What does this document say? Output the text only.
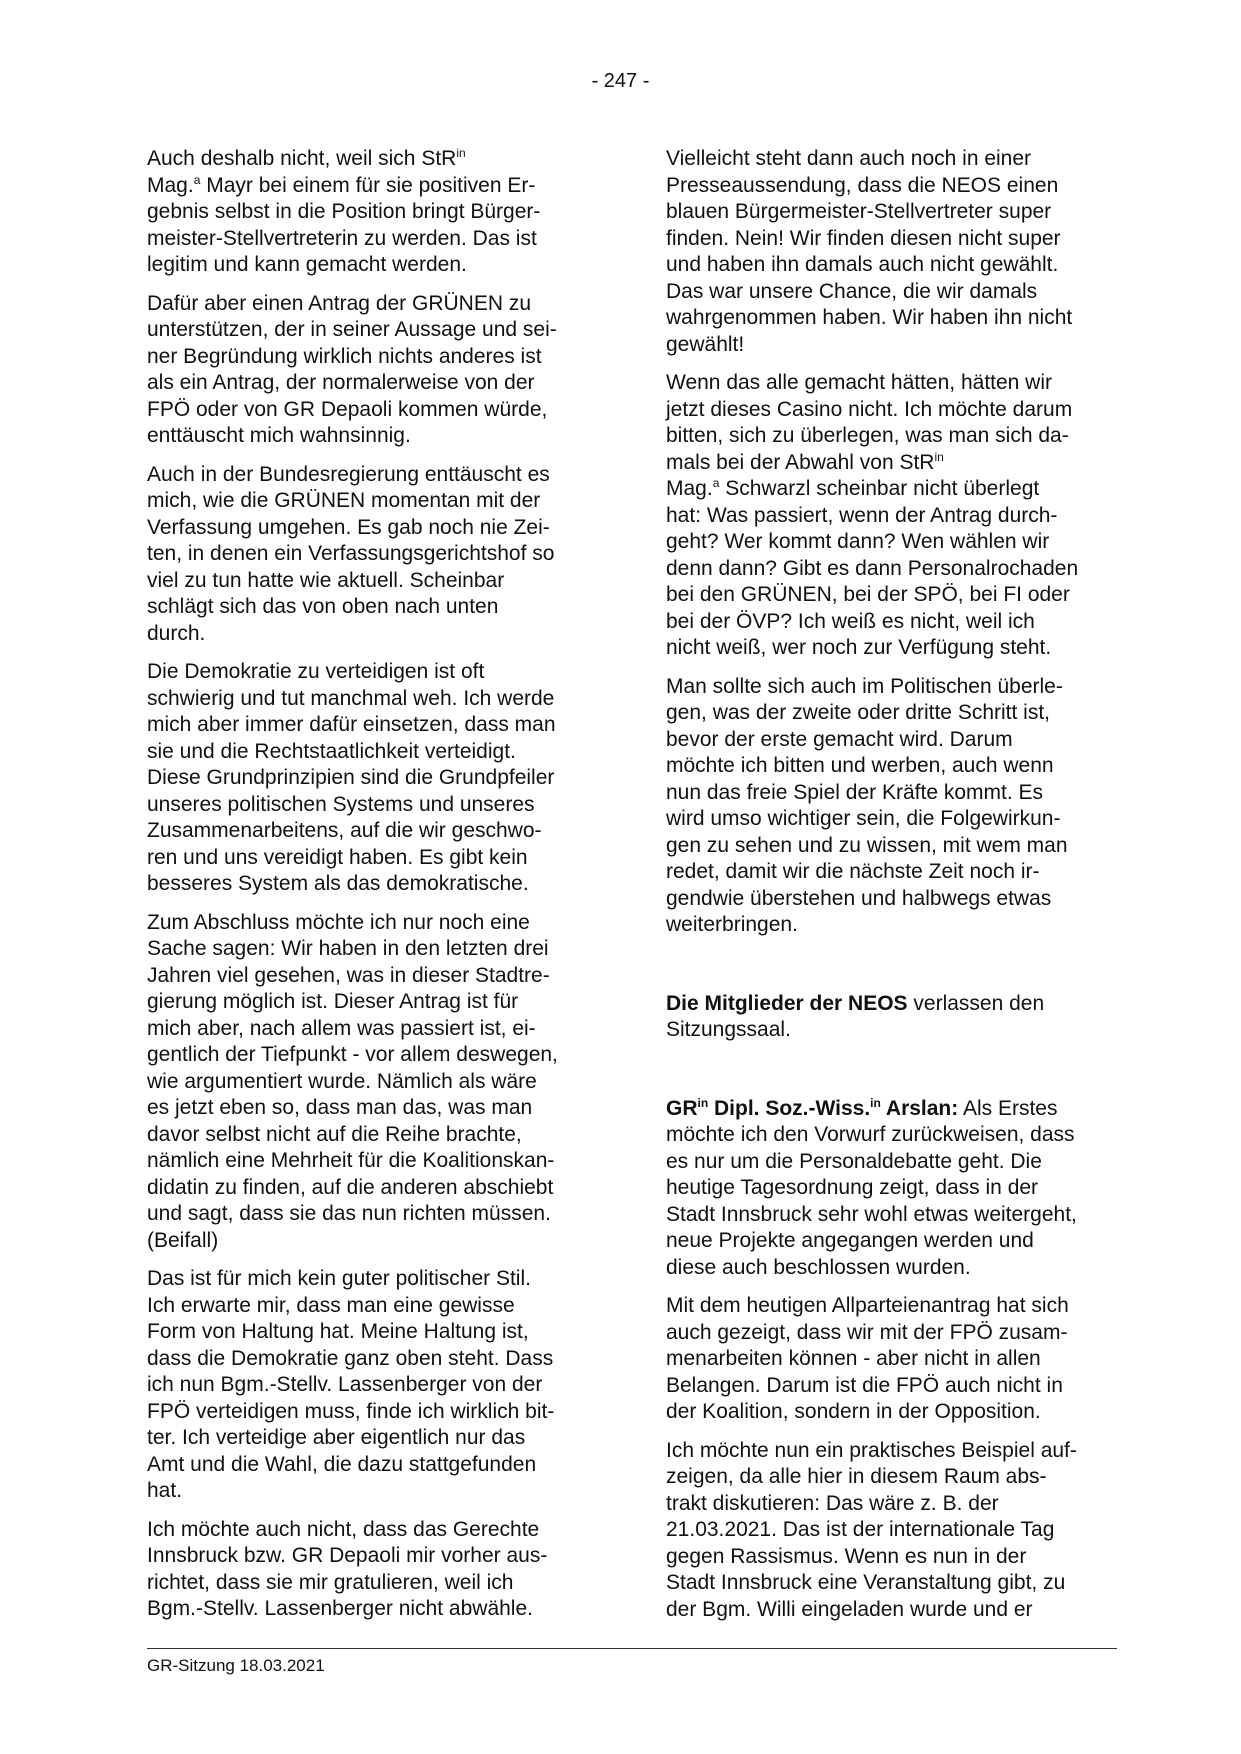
- 247 -

Auch deshalb nicht, weil sich StR$^{in}$
Mag.$^a$ Mayr bei einem für sie positiven Er-
gebnis selbst in die Position bringt Bürger-
meister-Stellvertreterin zu werden. Das ist
legitim und kann gemacht werden.

Dafür aber einen Antrag der GRÜNEN zu
unterstützen, der in seiner Aussage und sei-
ner Begründung wirklich nichts anderes ist
als ein Antrag, der normalerweise von der
FPÖ oder von GR Depaoli kommen würde,
enttäuscht mich wahnsinnig.

Auch in der Bundesregierung enttäuscht es
mich, wie die GRÜNEN momentan mit der
Verfassung umgehen. Es gab noch nie Zei-
ten, in denen ein Verfassungsgerichtshof so
viel zu tun hatte wie aktuell. Scheinbar
schlägt sich das von oben nach unten
durch.

Die Demokratie zu verteidigen ist oft
schwierig und tut manchmal weh. Ich werde
mich aber immer dafür einsetzen, dass man
sie und die Rechtstaatlichkeit verteidigt.
Diese Grundprinzipien sind die Grundpfeiler
unseres politischen Systems und unseres
Zusammenarbeitens, auf die wir geschwo-
ren und uns vereidigt haben. Es gibt kein
besseres System als das demokratische.

Zum Abschluss möchte ich nur noch eine
Sache sagen: Wir haben in den letzten drei
Jahren viel gesehen, was in dieser Stadtre-
gierung möglich ist. Dieser Antrag ist für
mich aber, nach allem was passiert ist, ei-
gentlich der Tiefpunkt - vor allem deswegen,
wie argumentiert wurde. Nämlich als wäre
es jetzt eben so, dass man das, was man
davor selbst nicht auf die Reihe brachte,
nämlich eine Mehrheit für die Koalitionskan-
didatin zu finden, auf die anderen abschiebt
und sagt, dass sie das nun richten müssen.
(Beifall)

Das ist für mich kein guter politischer Stil.
Ich erwarte mir, dass man eine gewisse
Form von Haltung hat. Meine Haltung ist,
dass die Demokratie ganz oben steht. Dass
ich nun Bgm.-Stellv. Lassenberger von der
FPÖ verteidigen muss, finde ich wirklich bit-
ter. Ich verteidige aber eigentlich nur das
Amt und die Wahl, die dazu stattgefunden
hat.

Ich möchte auch nicht, dass das Gerechte
Innsbruck bzw. GR Depaoli mir vorher aus-
richtet, dass sie mir gratulieren, weil ich
Bgm.-Stellv. Lassenberger nicht abwähle.

Vielleicht steht dann auch noch in einer
Presseaussendung, dass die NEOS einen
blauen Bürgermeister-Stellvertreter super
finden. Nein! Wir finden diesen nicht super
und haben ihn damals auch nicht gewählt.
Das war unsere Chance, die wir damals
wahrgenommen haben. Wir haben ihn nicht
gewählt!

Wenn das alle gemacht hätten, hätten wir
jetzt dieses Casino nicht. Ich möchte darum
bitten, sich zu überlegen, was man sich da-
mals bei der Abwahl von StR$^{in}$
Mag.$^a$ Schwarzl scheinbar nicht überlegt
hat: Was passiert, wenn der Antrag durch-
geht? Wer kommt dann? Wen wählen wir
denn dann? Gibt es dann Personalrochaden
bei den GRÜNEN, bei der SPÖ, bei FI oder
bei der ÖVP? Ich weiß es nicht, weil ich
nicht weiß, wer noch zur Verfügung steht.

Man sollte sich auch im Politischen überle-
gen, was der zweite oder dritte Schritt ist,
bevor der erste gemacht wird. Darum
möchte ich bitten und werben, auch wenn
nun das freie Spiel der Kräfte kommt. Es
wird umso wichtiger sein, die Folgewirkun-
gen zu sehen und zu wissen, mit wem man
redet, damit wir die nächste Zeit noch ir-
gendwie überstehen und halbwegs etwas
weiterbringen.

Die Mitglieder der NEOS verlassen den
Sitzungssaal.

$GR^{in}$ Dipl. Soz.-Wiss.$^{in}$ Arslan: Als Erstes
möchte ich den Vorwurf zurückweisen, dass
es nur um die Personaldebatte geht. Die
heutige Tagesordnung zeigt, dass in der
Stadt Innsbruck sehr wohl etwas weitergeht,
neue Projekte angegangen werden und
diese auch beschlossen wurden.

Mit dem heutigen Allparteienantrag hat sich
auch gezeigt, dass wir mit der FPÖ zusam-
menarbeiten können - aber nicht in allen
Belangen. Darum ist die FPÖ auch nicht in
der Koalition, sondern in der Opposition.

Ich möchte nun ein praktisches Beispiel auf-
zeigen, da alle hier in diesem Raum abs-
trakt diskutieren: Das wäre z. B. der
21.03.2021. Das ist der internationale Tag
gegen Rassismus. Wenn es nun in der
Stadt Innsbruck eine Veranstaltung gibt, zu
der Bgm. Willi eingeladen wurde und er

GR-Sitzung 18.03.2021
